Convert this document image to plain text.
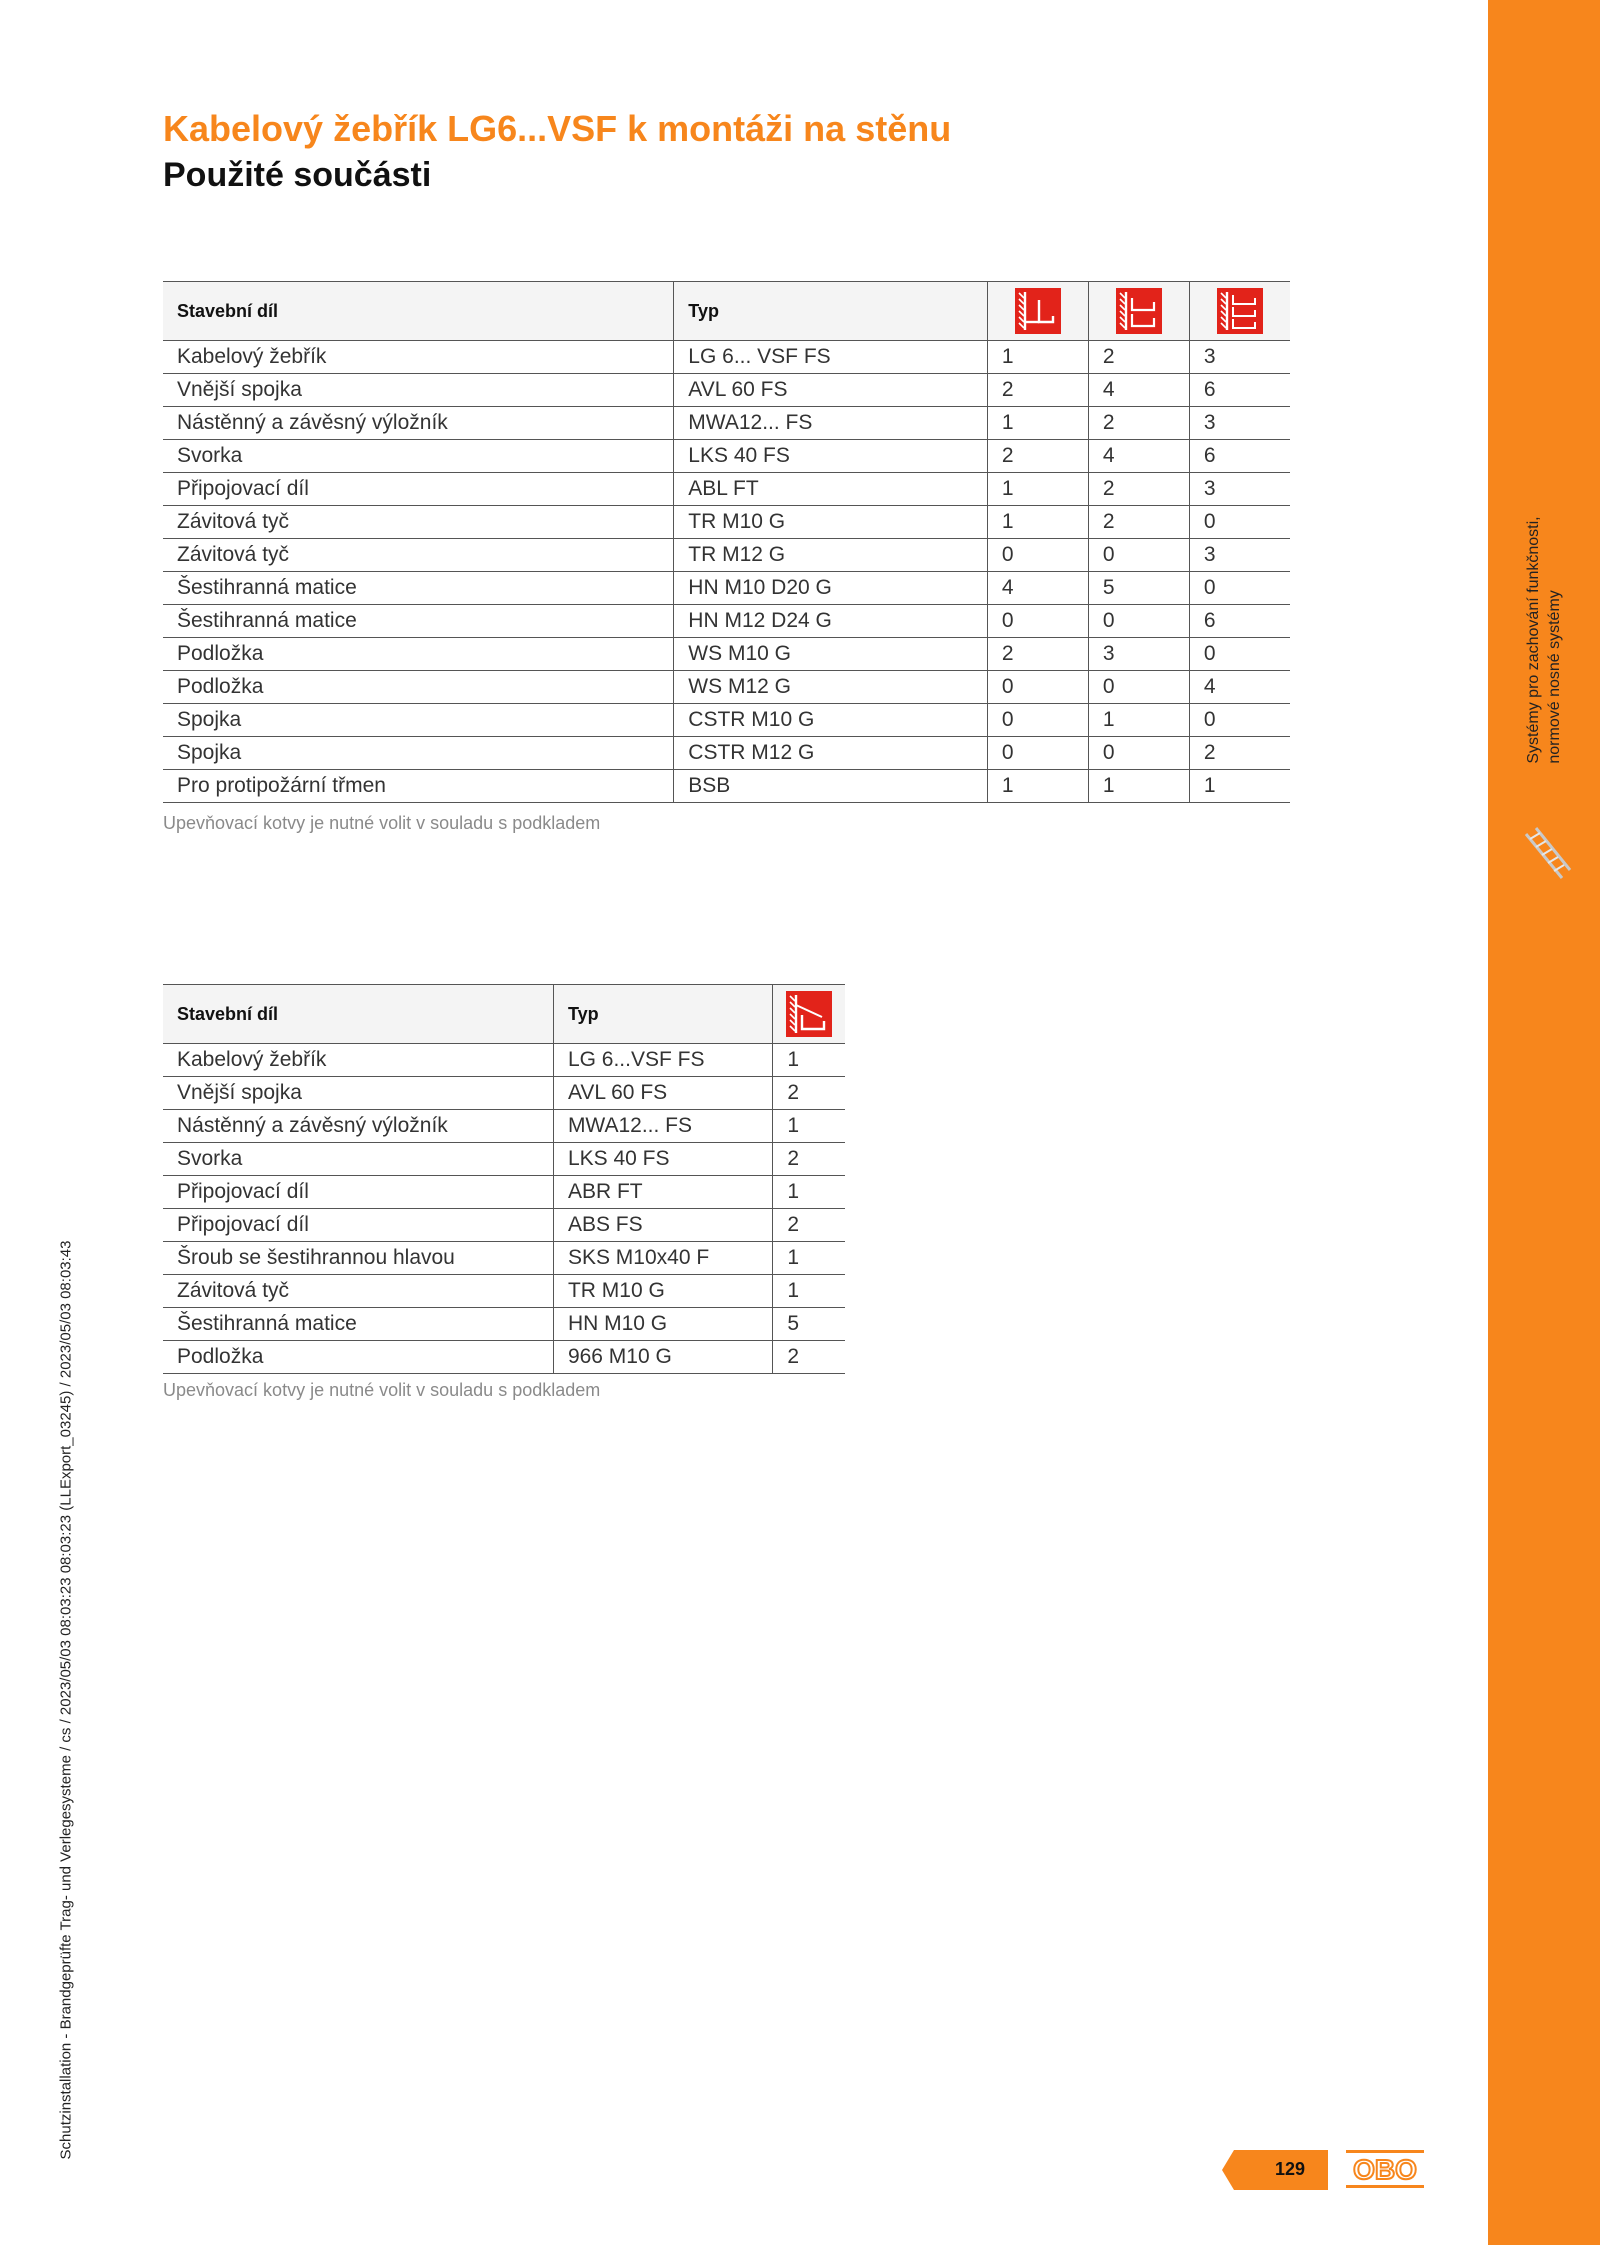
Systémy pro zachování funkčnosti, normové nosné systémy
Schutzinstallation - Brandgeprüfte Trag- und Verlegesysteme / cs / 2023/05/03 08:03:23 08:03:23 (LLExport_03245) / 2023/05/03 08:03:43
Kabelový žebřík LG6...VSF k montáži na stěnu
Použité součásti
Stavební díl	Typ			
Kabelový žebřík	LG 6... VSF FS	1	2	3
Vnější spojka	AVL 60 FS	2	4	6
Nástěnný a závěsný výložník	MWA12... FS	1	2	3
Svorka	LKS 40 FS	2	4	6
Připojovací díl	ABL FT	1	2	3
Závitová tyč	TR M10 G	1	2	0
Závitová tyč	TR M12 G	0	0	3
Šestihranná matice	HN M10 D20 G	4	5	0
Šestihranná matice	HN M12 D24 G	0	0	6
Podložka	WS M10 G	2	3	0
Podložka	WS M12 G	0	0	4
Spojka	CSTR M10 G	0	1	0
Spojka	CSTR M12 G	0	0	2
Pro protipožární třmen	BSB	1	1	1
Upevňovací kotvy je nutné volit v souladu s podkladem
Stavební díl	Typ	
Kabelový žebřík	LG 6...VSF FS	1
Vnější spojka	AVL 60 FS	2
Nástěnný a závěsný výložník	MWA12... FS	1
Svorka	LKS 40 FS	2
Připojovací díl	ABR FT	1
Připojovací díl	ABS FS	2
Šroub se šestihrannou hlavou	SKS M10x40 F	1
Závitová tyč	TR M10 G	1
Šestihranná matice	HN M10 G	5
Podložka	966 M10 G	2
Upevňovací kotvy je nutné volit v souladu s podkladem
129	OBO
